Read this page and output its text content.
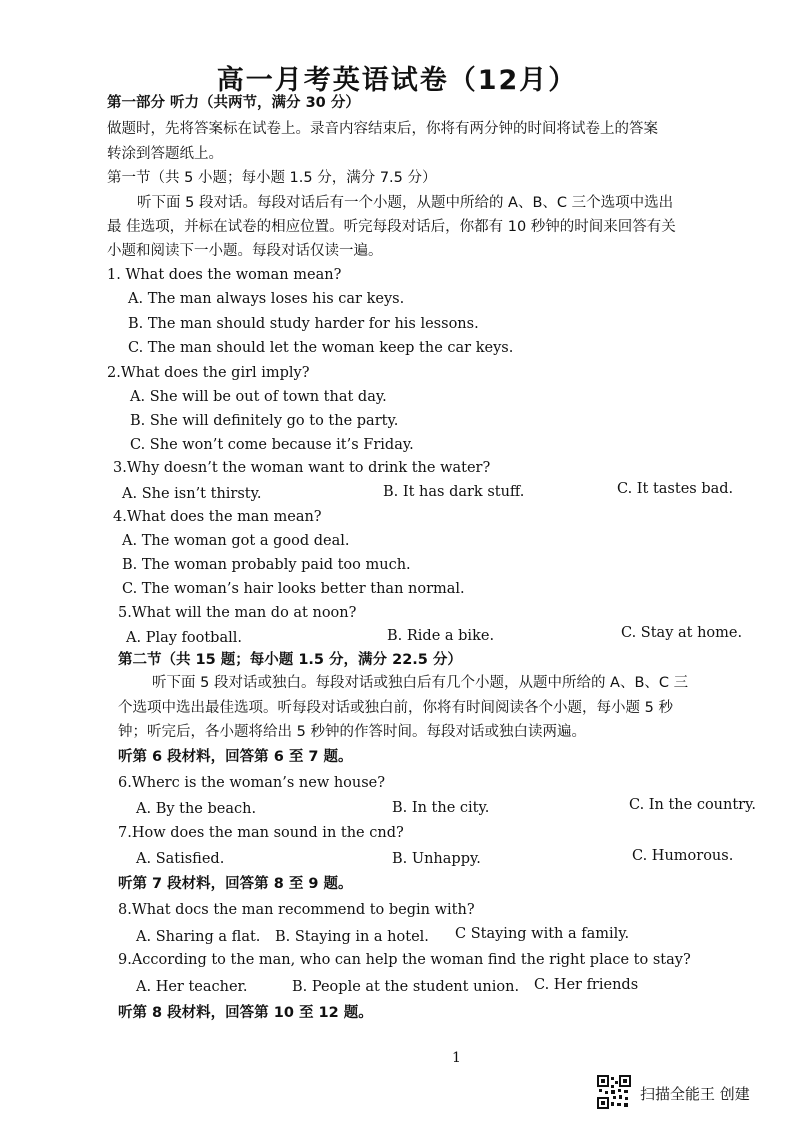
高一月考英语试卷（12月）
第一部分 听力（共两节，满分 30 分）
做题时，先将答案标在试卷上。录音内容结束后，你将有两分钟的时间将试卷上的答案
转涂到答题纸上。
第一节（共 5 小题；每小题 1.5 分，满分 7.5 分）
听下面 5 段对话。每段对话后有一个小题，从题中所给的 A、B、C 三个选项中选出
最 佳选项，并标在试卷的相应位置。听完每段对话后，你都有 10 秒钟的时间来回答有关
小题和阅读下一小题。每段对话仅读一遍。
1. What does the woman mean?
A. The man always loses his car keys.
B. The man should study harder for his lessons.
C. The man should let the woman keep the car keys.
2.What does the girl imply?
A. She will be out of town that day.
B. She will definitely go to the party.
C. She won’t come because it’s Friday.
3.Why doesn’t the woman want to drink the water?
A. She isn’t thirsty.	B. It has dark stuff.	C. It tastes bad.
4.What does the man mean?
A. The woman got a good deal.
B. The woman probably paid too much.
C. The woman’s hair looks better than normal.
5.What will the man do at noon?
A. Play football.	B. Ride a bike.	C. Stay at home.
第二节（共 15 题；每小题 1.5 分，满分 22.5 分）
听下面 5 段对话或独白。每段对话或独白后有几个小题，从题中所给的 A、B、C 三
个选项中选出最佳选项。听每段对话或独白前，你将有时间阅读各个小题，每小题 5 秒
钟；听完后，各小题将给出 5 秒钟的作答时间。每段对话或独白读两遍。
听第 6 段材料，回答第 6 至 7 题。
6.Wherc is the woman’s new house?
A. By the beach.	B. In the city.	C. In the country.
7.How does the man sound in the cnd?
A. Satisfied.	B. Unhappy.	C. Humorous.
听第 7 段材料，回答第 8 至 9 题。
8.What docs the man recommend to begin with?
A. Sharing a flat. B. Staying in a hotel. C Staying with a family.
9.According to the man, who can help the woman find the right place to stay?
A. Her teacher.	B. People at the student union. C. Her friends
听第 8 段材料，回答第 10 至 12 题。
1
扫描全能王 创建
